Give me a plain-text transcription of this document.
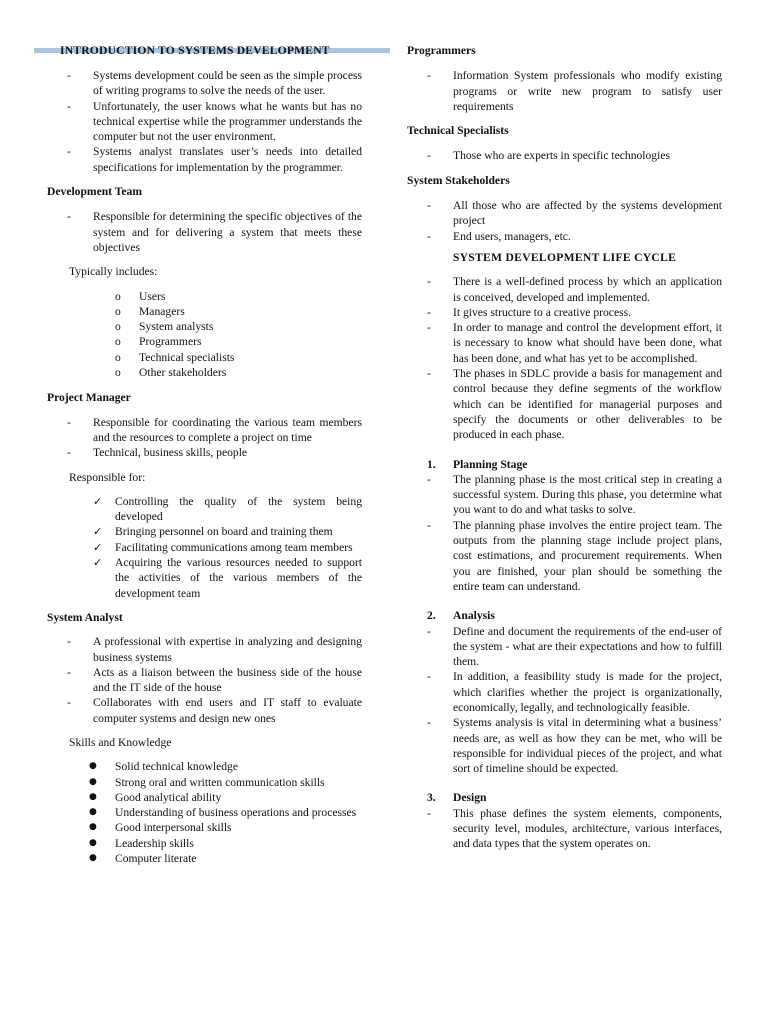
INTRODUCTION TO SYSTEMS DEVELOPMENT
- Systems development could be seen as the simple process of writing programs to solve the needs of the user.
- Unfortunately, the user knows what he wants but has no technical expertise while the programmer understands the computer but not the user environment.
- Systems analyst translates user’s needs into detailed specifications for implementation by the programmer.

Development Team

- Responsible for determining the specific objectives of the system and for delivering a system that meets these objectives

Typically includes:

o Users
o Managers
o System analysts
o Programmers
o Technical specialists
o Other stakeholders

Project Manager

- Responsible for coordinating the various team members and the resources to complete a project on time
- Technical, business skills, people

Responsible for:

✓ Controlling the quality of the system being developed
✓ Bringing personnel on board and training them
✓ Facilitating communications among team members
✓ Acquiring the various resources needed to support the activities of the various members of the development team

System Analyst

- A professional with expertise in analyzing and designing business systems
- Acts as a liaison between the business side of the house and the IT side of the house
- Collaborates with end users and IT staff to evaluate computer systems and design new ones

Skills and Knowledge

● Solid technical knowledge
● Strong oral and written communication skills
● Good analytical ability
● Understanding of business operations and processes
● Good interpersonal skills
● Leadership skills
● Computer literate

Programmers

- Information System professionals who modify existing programs or write new program to satisfy user requirements

Technical Specialists

- Those who are experts in specific technologies

System Stakeholders

- All those who are affected by the systems development project
- End users, managers, etc.
SYSTEM DEVELOPMENT LIFE CYCLE
- There is a well-defined process by which an application is conceived, developed and implemented.
- It gives structure to a creative process.
- In order to manage and control the development effort, it is necessary to know what should have been done, what has been done, and what has yet to be accomplished.
- The phases in SDLC provide a basis for management and control because they define segments of the workflow which can be identified for managerial purposes and specify the documents or other deliverables to be produced in each phase.
1. Planning Stage
- The planning phase is the most critical step in creating a successful system. During this phase, you determine what you want to do and what tasks to solve.
- The planning phase involves the entire project team. The outputs from the planning stage include project plans, cost estimations, and procurement requirements. When you are finished, your plan should be something the entire team can understand.
2. Analysis
- Define and document the requirements of the end-user of the system - what are their expectations and how to fulfill them.
- In addition, a feasibility study is made for the project, which clarifies whether the project is organizationally, economically, legally, and technologically feasible.
- Systems analysis is vital in determining what a business’ needs are, as well as how they can be met, who will be responsible for individual pieces of the project, and what sort of timeline should be expected.
3. Design
- This phase defines the system elements, components, security level, modules, architecture, various interfaces, and data types that the system operates on.
